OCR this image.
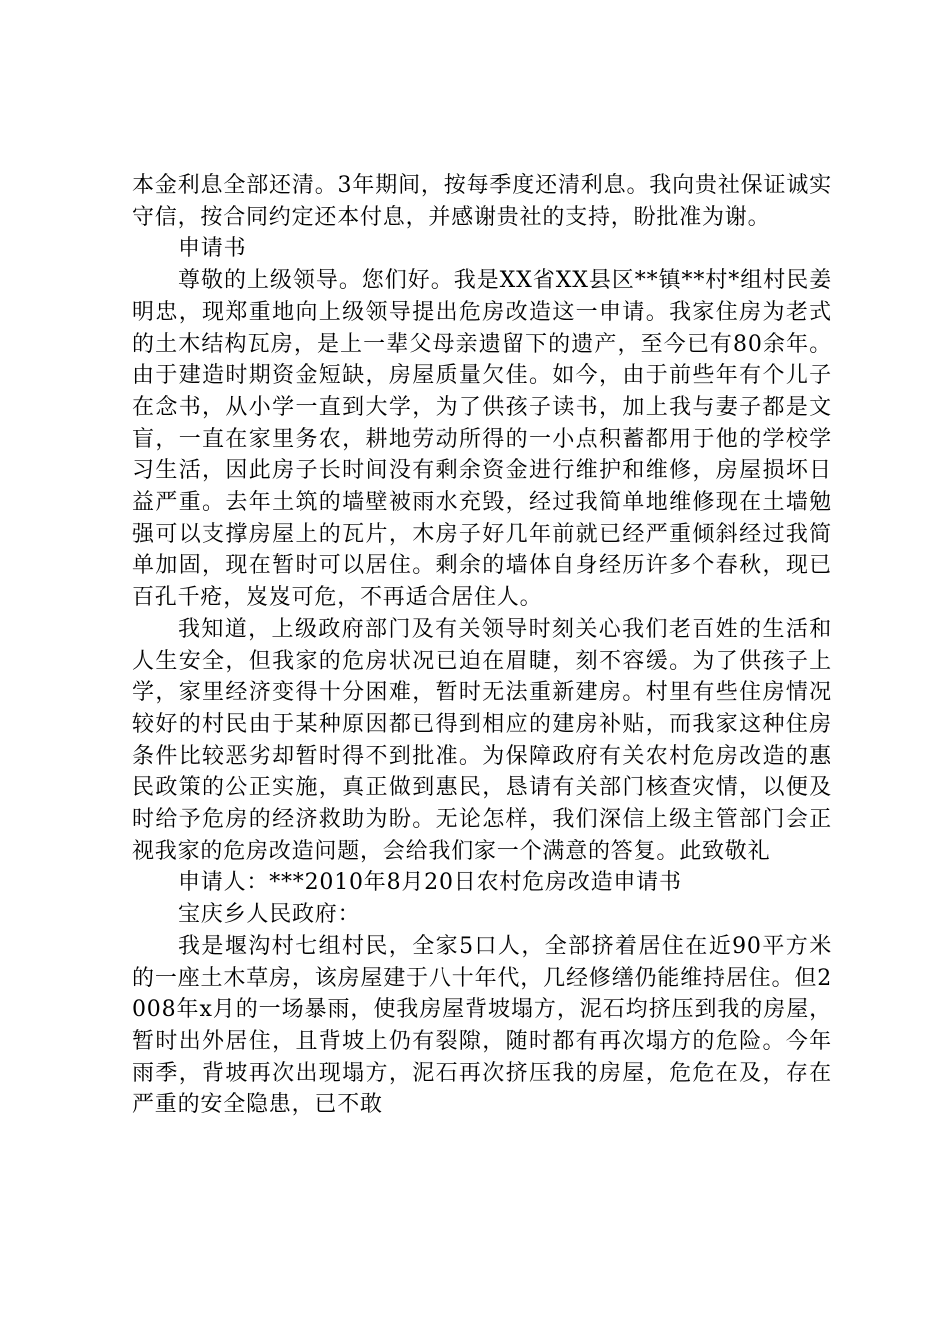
本金利息全部还清。3年期间，按每季度还清利息。我向贵社保证诚实守信，按合同约定还本付息，并感谢贵社的支持，盼批准为谢。

申请书

尊敬的上级领导。您们好。我是XX省XX县区**镇**村*组村民姜明忠，现郑重地向上级领导提出危房改造这一申请。我家住房为老式的土木结构瓦房，是上一辈父母亲遗留下的遗产，至今已有80余年。由于建造时期资金短缺，房屋质量欠佳。如今，由于前些年有个儿子在念书，从小学一直到大学，为了供孩子读书，加上我与妻子都是文盲，一直在家里务农，耕地劳动所得的一小点积蓄都用于他的学校学习生活，因此房子长时间没有剩余资金进行维护和维修，房屋损坏日益严重。去年土筑的墙壁被雨水充毁，经过我简单地维修现在土墙勉强可以支撑房屋上的瓦片，木房子好几年前就已经严重倾斜经过我简单加固，现在暂时可以居住。剩余的墙体自身经历许多个春秋，现已百孔千疮，岌岌可危，不再适合居住人。

我知道，上级政府部门及有关领导时刻关心我们老百姓的生活和人生安全，但我家的危房状况已迫在眉睫，刻不容缓。为了供孩子上学，家里经济变得十分困难，暂时无法重新建房。村里有些住房情况较好的村民由于某种原因都已得到相应的建房补贴，而我家这种住房条件比较恶劣却暂时得不到批准。为保障政府有关农村危房改造的惠民政策的公正实施，真正做到惠民，恳请有关部门核查灾情，以便及时给予危房的经济救助为盼。无论怎样，我们深信上级主管部门会正视我家的危房改造问题，会给我们家一个满意的答复。此致敬礼

申请人：***2010年8月20日农村危房改造申请书

宝庆乡人民政府：

我是堰沟村七组村民，全家5口人，全部挤着居住在近90平方米的一座土木草房，该房屋建于八十年代，几经修缮仍能维持居住。但2008年x月的一场暴雨，使我房屋背坡塌方，泥石均挤压到我的房屋，暂时出外居住，且背坡上仍有裂隙，随时都有再次塌方的危险。今年雨季，背坡再次出现塌方，泥石再次挤压我的房屋，危危在及，存在严重的安全隐患，已不敢
